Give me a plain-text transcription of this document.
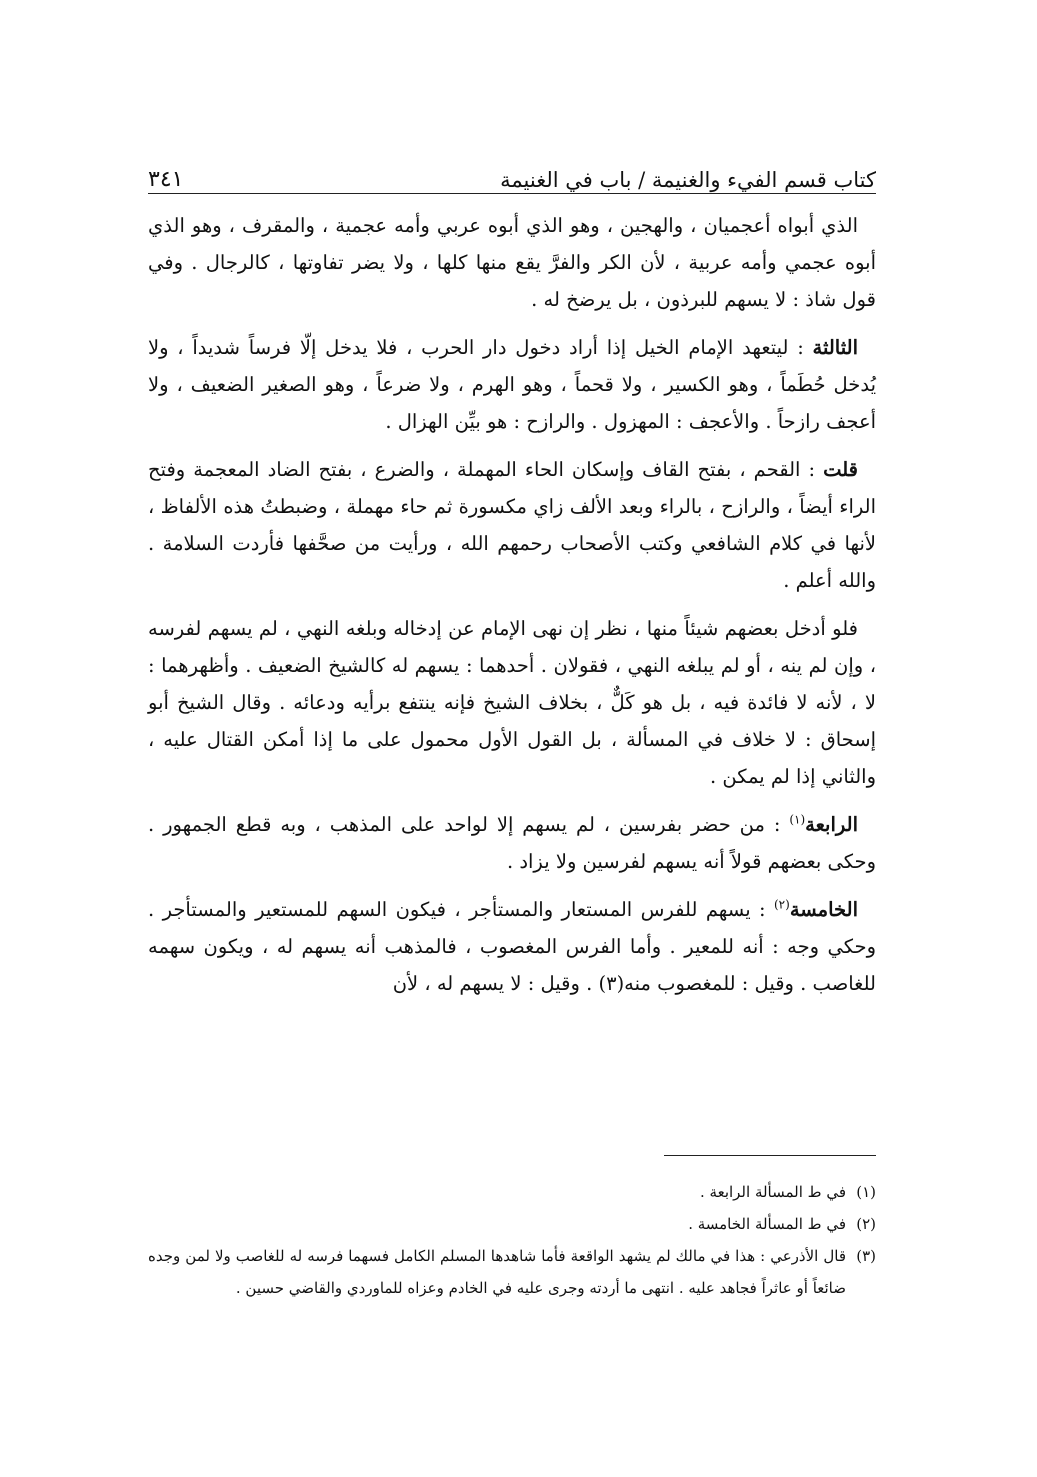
كتاب قسم الفيء والغنيمة / باب في الغنيمة
٣٤١

الذي أبواه أعجميان ، والهجين ، وهو الذي أبوه عربي وأمه عجمية ، والمقرف ، وهو الذي أبوه عجمي وأمه عربية ، لأن الكر والفرَّ يقع منها كلها ، ولا يضر تفاوتها ، كالرجال . وفي قول شاذ : لا يسهم للبرذون ، بل يرضخ له .

الثالثة : ليتعهد الإمام الخيل إذا أراد دخول دار الحرب ، فلا يدخل إلّا فرساً شديداً ، ولا يُدخل حُطَماً ، وهو الكسير ، ولا قحماً ، وهو الهرم ، ولا ضرعاً ، وهو الصغير الضعيف ، ولا أعجف رازحاً . والأعجف : المهزول . والرازح : هو بيِّن الهزال .

قلت : القحم ، بفتح القاف وإسكان الحاء المهملة ، والضرع ، بفتح الضاد المعجمة وفتح الراء أيضاً ، والرازح ، بالراء وبعد الألف زاي مكسورة ثم حاء مهملة ، وضبطتُ هذه الألفاظ ، لأنها في كلام الشافعي وكتب الأصحاب رحمهم الله ، ورأيت من صحَّفها فأردت السلامة . والله أعلم .

فلو أدخل بعضهم شيئاً منها ، نظر إن نهى الإمام عن إدخاله وبلغه النهي ، لم يسهم لفرسه ، وإن لم ينه ، أو لم يبلغه النهي ، فقولان . أحدهما : يسهم له كالشيخ الضعيف . وأظهرهما : لا ، لأنه لا فائدة فيه ، بل هو كَلٌّ ، بخلاف الشيخ فإنه ينتفع برأيه ودعائه . وقال الشيخ أبو إسحاق : لا خلاف في المسألة ، بل القول الأول محمول على ما إذا أمكن القتال عليه ، والثاني إذا لم يمكن .

الرابعة$^{(١)}$ : من حضر بفرسين ، لم يسهم إلا لواحد على المذهب ، وبه قطع الجمهور . وحكى بعضهم قولاً أنه يسهم لفرسين ولا يزاد .

الخامسة$^{(٢)}$ : يسهم للفرس المستعار والمستأجر ، فيكون السهم للمستعير والمستأجر . وحكي وجه : أنه للمعير . وأما الفرس المغصوب ، فالمذهب أنه يسهم له ، ويكون سهمه للغاصب . وقيل : للمغصوب منه(٣) . وقيل : لا يسهم له ، لأن

(١)
في ط المسألة الرابعة .

(٢)
في ط المسألة الخامسة .

(٣)
قال الأذرعي : هذا في مالك لم يشهد الواقعة فأما شاهدها المسلم الكامل فسهما فرسه له للغاصب ولا لمن وجده ضائعاً أو عاثراً فجاهد عليه . انتهى ما أردته وجرى عليه في الخادم وعزاه للماوردي والقاضي حسين .
